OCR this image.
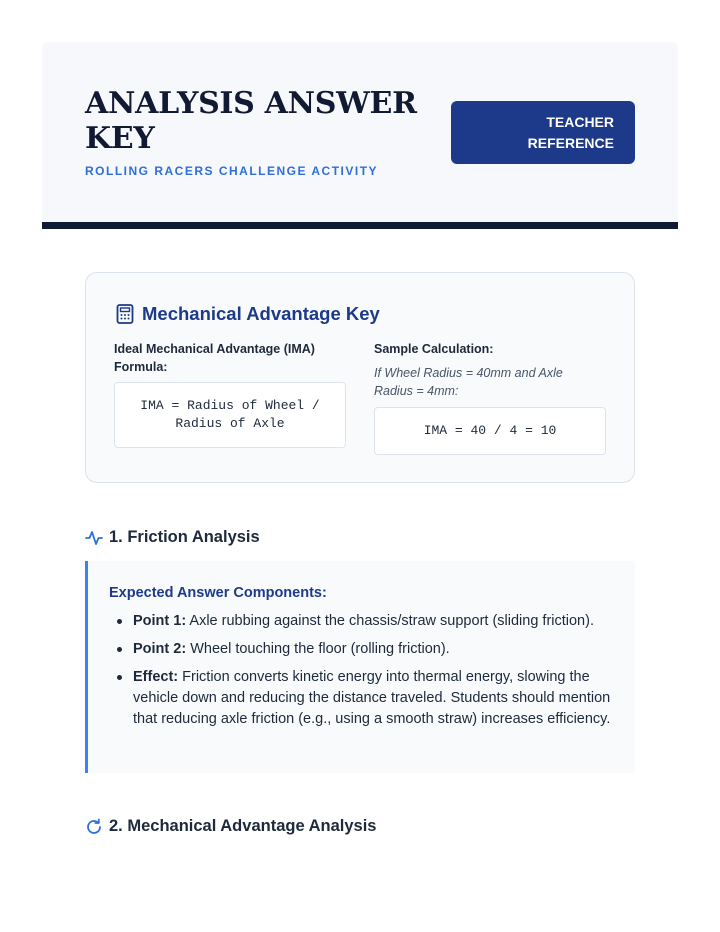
ANALYSIS ANSWER KEY
ROLLING RACERS CHALLENGE ACTIVITY
TEACHER
REFERENCE
Mechanical Advantage Key
Ideal Mechanical Advantage (IMA) Formula:
IMA = Radius of Wheel /
Radius of Axle
Sample Calculation:
If Wheel Radius = 40mm and Axle Radius = 4mm:
IMA = 40 / 4 = 10
1. Friction Analysis
Expected Answer Components:
Point 1: Axle rubbing against the chassis/straw support (sliding friction).
Point 2: Wheel touching the floor (rolling friction).
Effect: Friction converts kinetic energy into thermal energy, slowing the vehicle down and reducing the distance traveled. Students should mention that reducing axle friction (e.g., using a smooth straw) increases efficiency.
2. Mechanical Advantage Analysis
